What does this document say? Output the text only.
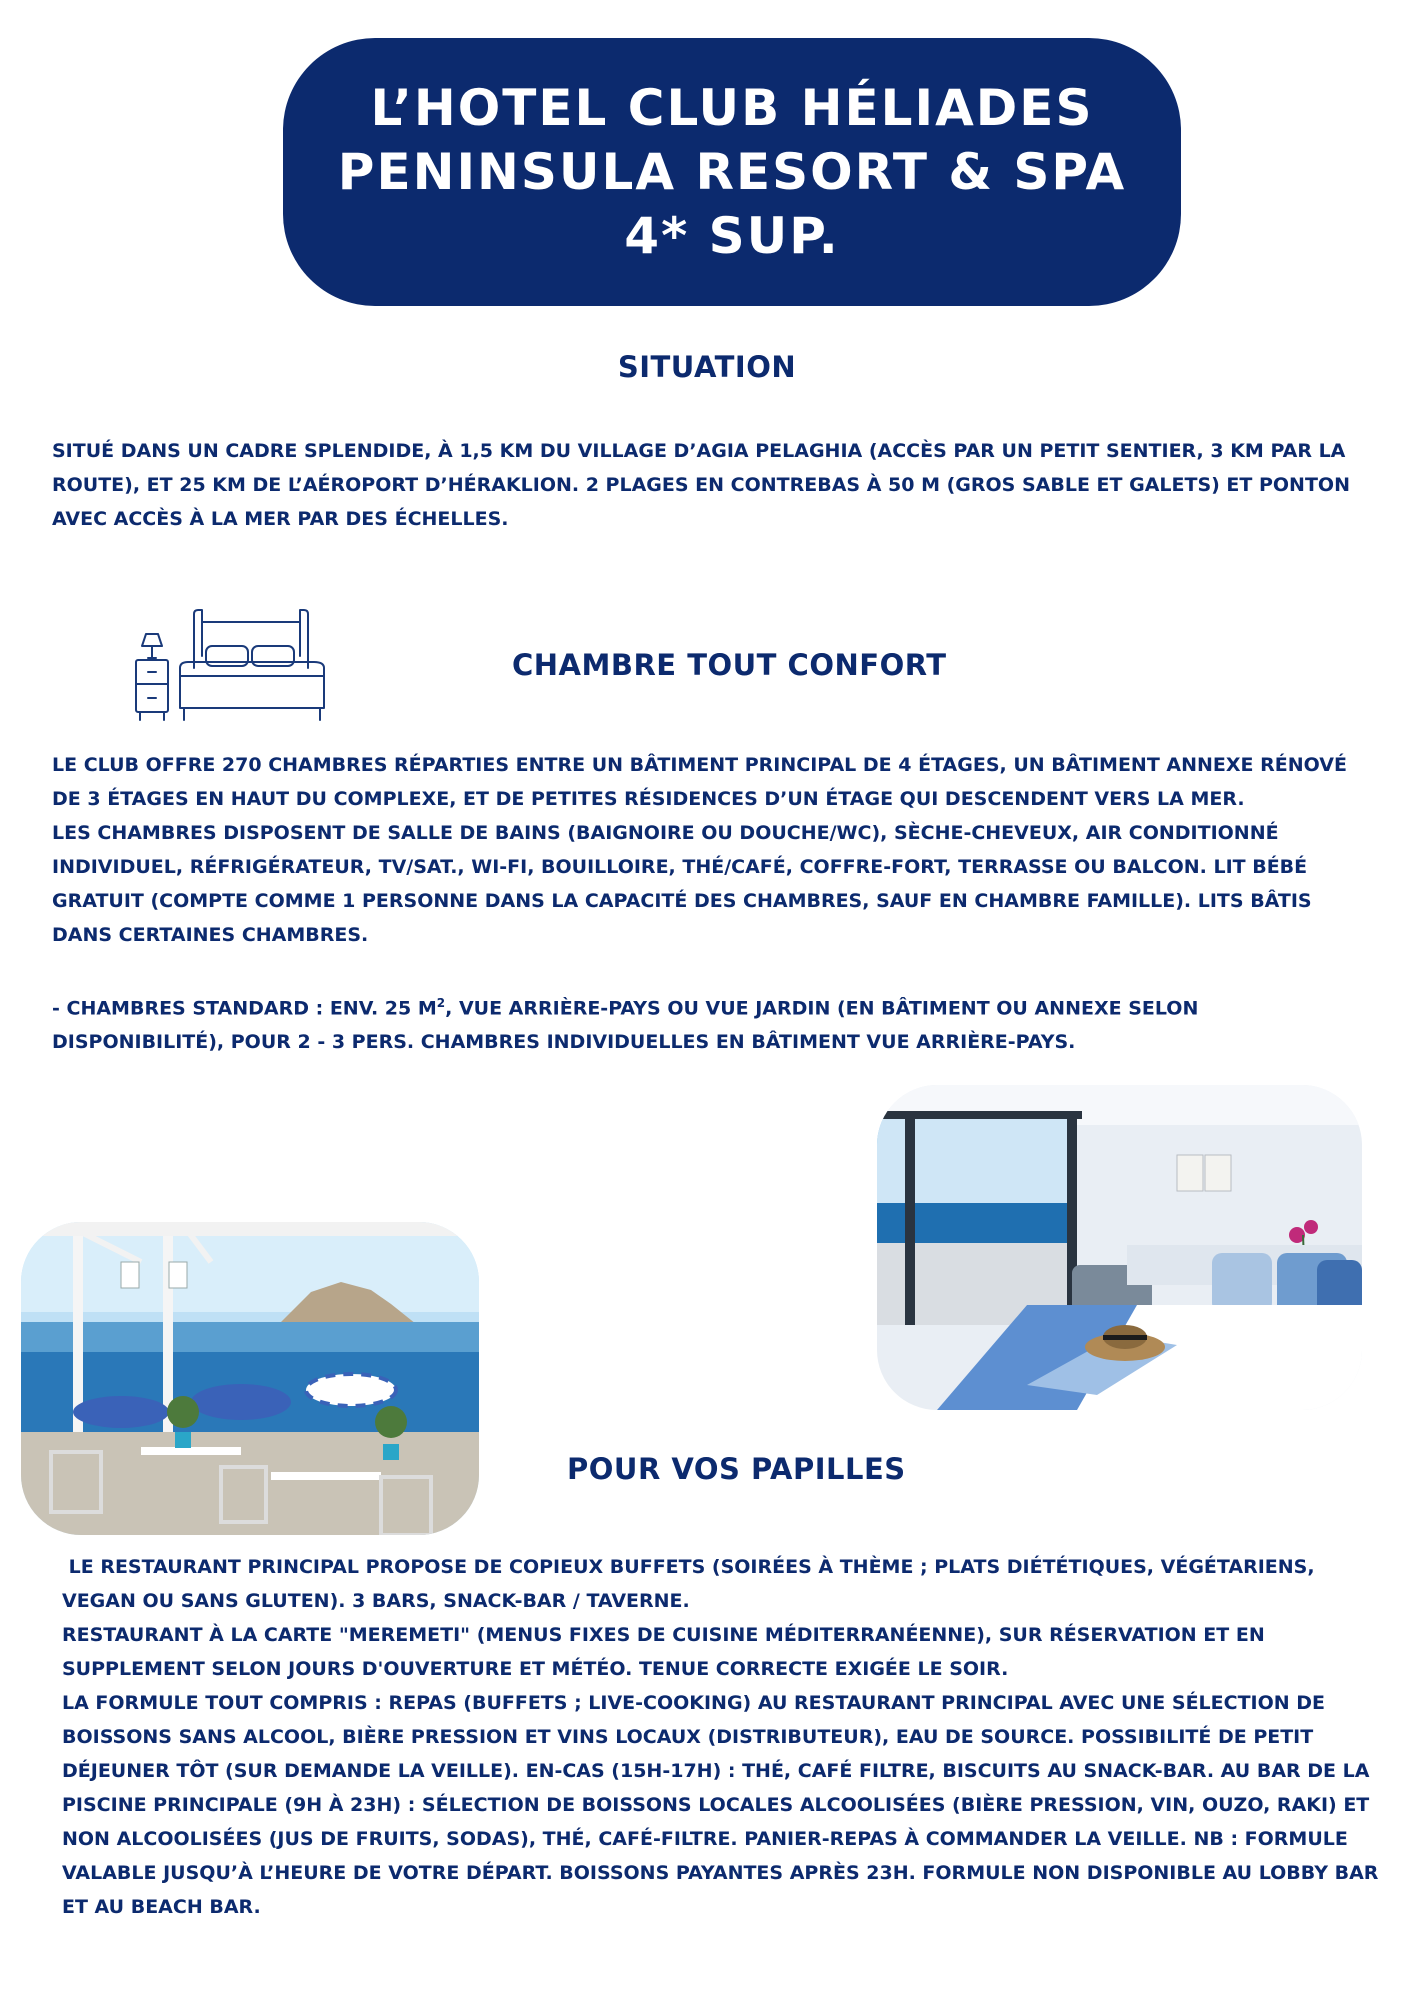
L’HOTEL CLUB HÉLIADES
PENINSULA RESORT & SPA
4* SUP.
SITUATION

SITUÉ DANS UN CADRE SPLENDIDE, À 1,5 KM DU VILLAGE D’AGIA PELAGHIA (ACCÈS PAR UN PETIT SENTIER, 3 KM PAR LA ROUTE), ET 25 KM DE L’AÉROPORT D’HÉRAKLION. 2 PLAGES EN CONTREBAS À 50 M (GROS SABLE ET GALETS) ET PONTON AVEC ACCÈS À LA MER PAR DES ÉCHELLES.

CHAMBRE TOUT CONFORT

LE CLUB OFFRE 270 CHAMBRES RÉPARTIES ENTRE UN BÂTIMENT PRINCIPAL DE 4 ÉTAGES, UN BÂTIMENT ANNEXE RÉNOVÉ DE 3 ÉTAGES EN HAUT DU COMPLEXE, ET DE PETITES RÉSIDENCES D’UN ÉTAGE QUI DESCENDENT VERS LA MER.

LES CHAMBRES DISPOSENT DE SALLE DE BAINS (BAIGNOIRE OU DOUCHE/WC), SÈCHE-CHEVEUX, AIR CONDITIONNÉ INDIVIDUEL, RÉFRIGÉRATEUR, TV/SAT., WI-FI, BOUILLOIRE, THÉ/CAFÉ, COFFRE-FORT, TERRASSE OU BALCON. LIT BÉBÉ GRATUIT (COMPTE COMME 1 PERSONNE DANS LA CAPACITÉ DES CHAMBRES, SAUF EN CHAMBRE FAMILLE). LITS BÂTIS DANS CERTAINES CHAMBRES.

- CHAMBRES STANDARD : ENV. 25 $M^2$, VUE ARRIÈRE-PAYS OU VUE JARDIN (EN BÂTIMENT OU ANNEXE SELON DISPONIBILITÉ), POUR 2 - 3 PERS. CHAMBRES INDIVIDUELLES EN BÂTIMENT VUE ARRIÈRE-PAYS.

POUR VOS PAPILLES

LE RESTAURANT PRINCIPAL PROPOSE DE COPIEUX BUFFETS (SOIRÉES À THÈME ; PLATS DIÉTÉTIQUES, VÉGÉTARIENS, VEGAN OU SANS GLUTEN). 3 BARS, SNACK-BAR / TAVERNE.

RESTAURANT À LA CARTE "MEREMETI" (MENUS FIXES DE CUISINE MÉDITERRANÉENNE), SUR RÉSERVATION ET EN SUPPLEMENT SELON JOURS D'OUVERTURE ET MÉTÉO. TENUE CORRECTE EXIGÉE LE SOIR.

LA FORMULE TOUT COMPRIS : REPAS (BUFFETS ; LIVE-COOKING) AU RESTAURANT PRINCIPAL AVEC UNE SÉLECTION DE BOISSONS SANS ALCOOL, BIÈRE PRESSION ET VINS LOCAUX (DISTRIBUTEUR), EAU DE SOURCE. POSSIBILITÉ DE PETIT DÉJEUNER TÔT (SUR DEMANDE LA VEILLE). EN-CAS (15H-17H) : THÉ, CAFÉ FILTRE, BISCUITS AU SNACK-BAR. AU BAR DE LA PISCINE PRINCIPALE (9H À 23H) : SÉLECTION DE BOISSONS LOCALES ALCOOLISÉES (BIÈRE PRESSION, VIN, OUZO, RAKI) ET NON ALCOOLISÉES (JUS DE FRUITS, SODAS), THÉ, CAFÉ-FILTRE. PANIER-REPAS À COMMANDER LA VEILLE. NB : FORMULE VALABLE JUSQU’À L’HEURE DE VOTRE DÉPART. BOISSONS PAYANTES APRÈS 23H. FORMULE NON DISPONIBLE AU LOBBY BAR ET AU BEACH BAR.
